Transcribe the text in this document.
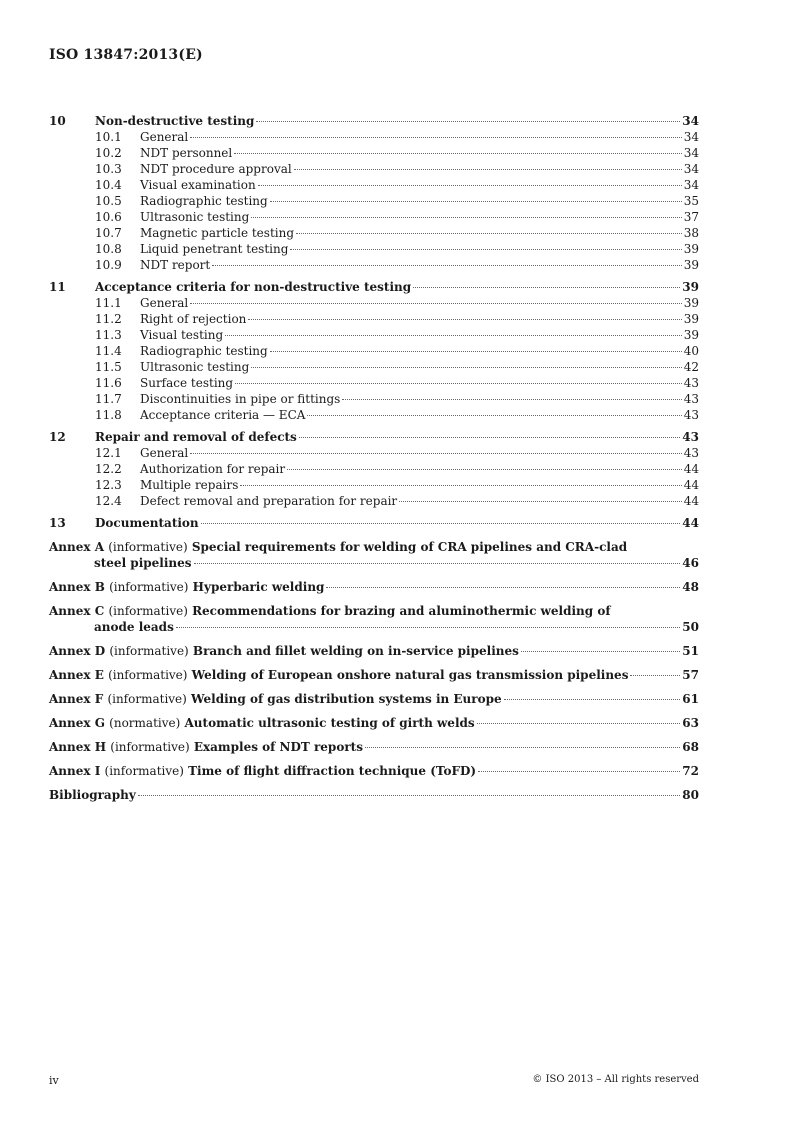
ISO 13847:2013(E)
10	Non-destructive testing	34
10.1	General	34
10.2	NDT personnel	34
10.3	NDT procedure approval	34
10.4	Visual examination	34
10.5	Radiographic testing	35
10.6	Ultrasonic testing	37
10.7	Magnetic particle testing	38
10.8	Liquid penetrant testing	39
10.9	NDT report	39
11	Acceptance criteria for non-destructive testing	39
11.1	General	39
11.2	Right of rejection	39
11.3	Visual testing	39
11.4	Radiographic testing	40
11.5	Ultrasonic testing	42
11.6	Surface testing	43
11.7	Discontinuities in pipe or fittings	43
11.8	Acceptance criteria — ECA	43
12	Repair and removal of defects	43
12.1	General	43
12.2	Authorization for repair	44
12.3	Multiple repairs	44
12.4	Defect removal and preparation for repair	44
13	Documentation	44
Annex A (informative) Special requirements for welding of CRA pipelines and CRA-clad
steel pipelines	46
Annex B (informative) Hyperbaric welding	48
Annex C (informative) Recommendations for brazing and aluminothermic welding of
anode leads	50
Annex D (informative) Branch and fillet welding on in-service pipelines	51
Annex E (informative) Welding of European onshore natural gas transmission pipelines	57
Annex F (informative) Welding of gas distribution systems in Europe	61
Annex G (normative) Automatic ultrasonic testing of girth welds	63
Annex H (informative) Examples of NDT reports	68
Annex I (informative) Time of flight diffraction technique (ToFD)	72
Bibliography	80
iv	© ISO 2013 – All rights reserved
